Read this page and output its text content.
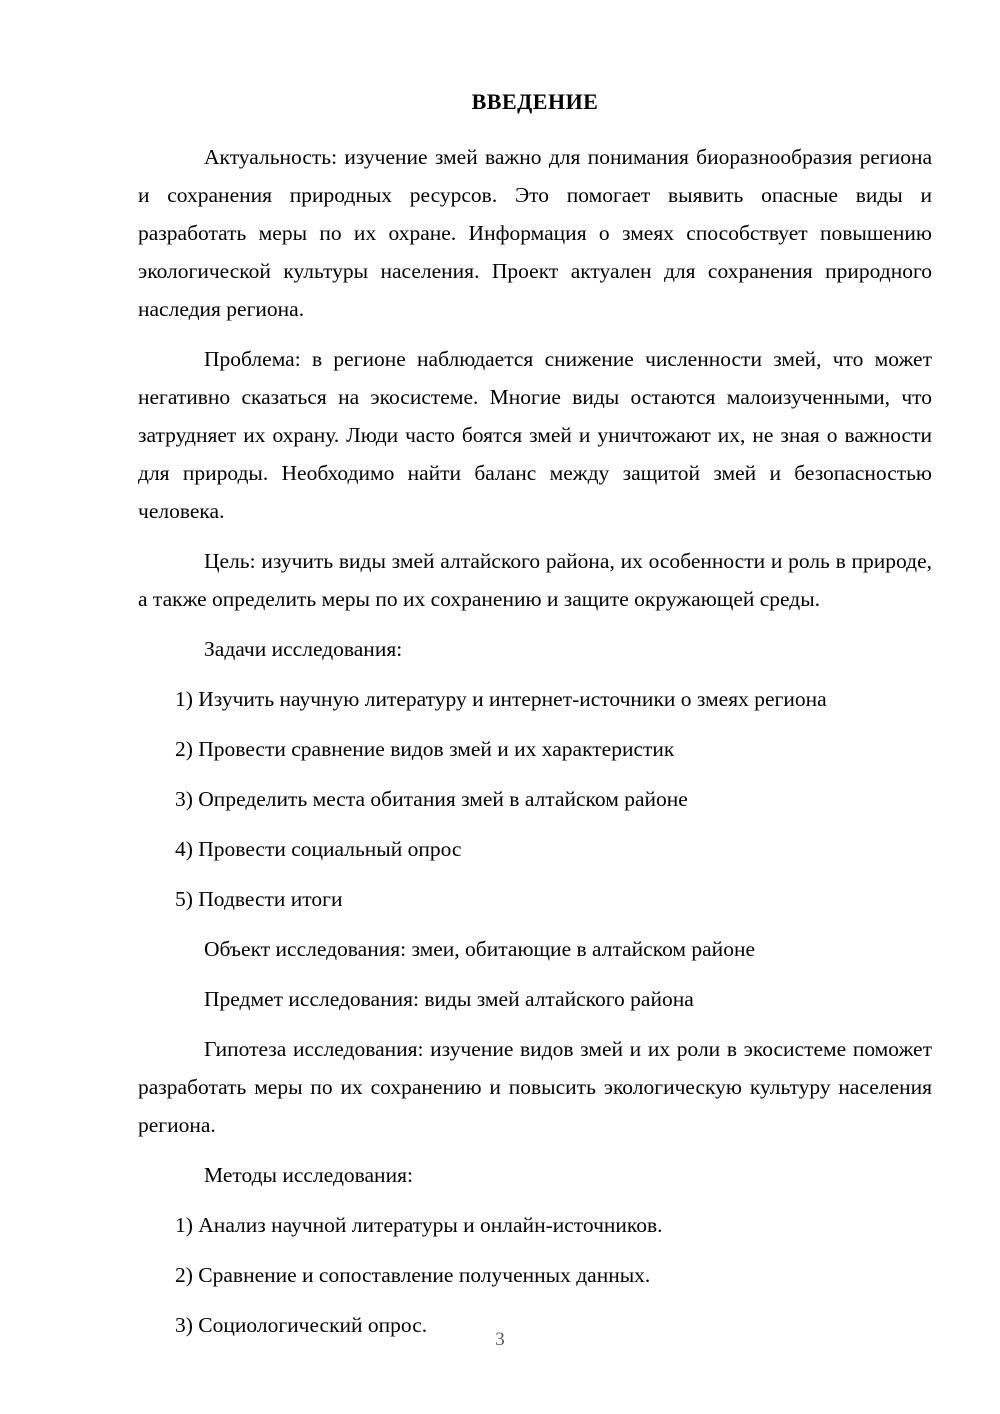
ВВЕДЕНИЕ

Актуальность: изучение змей важно для понимания биоразнообразия региона и сохранения природных ресурсов. Это помогает выявить опасные виды и разработать меры по их охране. Информация о змеях способствует повышению экологической культуры населения. Проект актуален для сохранения природного наследия региона.

Проблема: в регионе наблюдается снижение численности змей, что может негативно сказаться на экосистеме. Многие виды остаются малоизученными, что затрудняет их охрану. Люди часто боятся змей и уничтожают их, не зная о важности для природы. Необходимо найти баланс между защитой змей и безопасностью человека.

Цель: изучить виды змей алтайского района, их особенности и роль в природе, а также определить меры по их сохранению и защите окружающей среды.

Задачи исследования:

1) Изучить научную литературу и интернет-источники о змеях региона
2) Провести сравнение видов змей и их характеристик
3) Определить места обитания змей в алтайском районе
4) Провести социальный опрос
5) Подвести итоги

Объект исследования: змеи, обитающие в алтайском районе

Предмет исследования: виды змей алтайского района

Гипотеза исследования: изучение видов змей и их роли в экосистеме поможет разработать меры по их сохранению и повысить экологическую культуру населения региона.

Методы исследования:

1) Анализ научной литературы и онлайн-источников.
2) Сравнение и сопоставление полученных данных.
3) Социологический опрос.
3
